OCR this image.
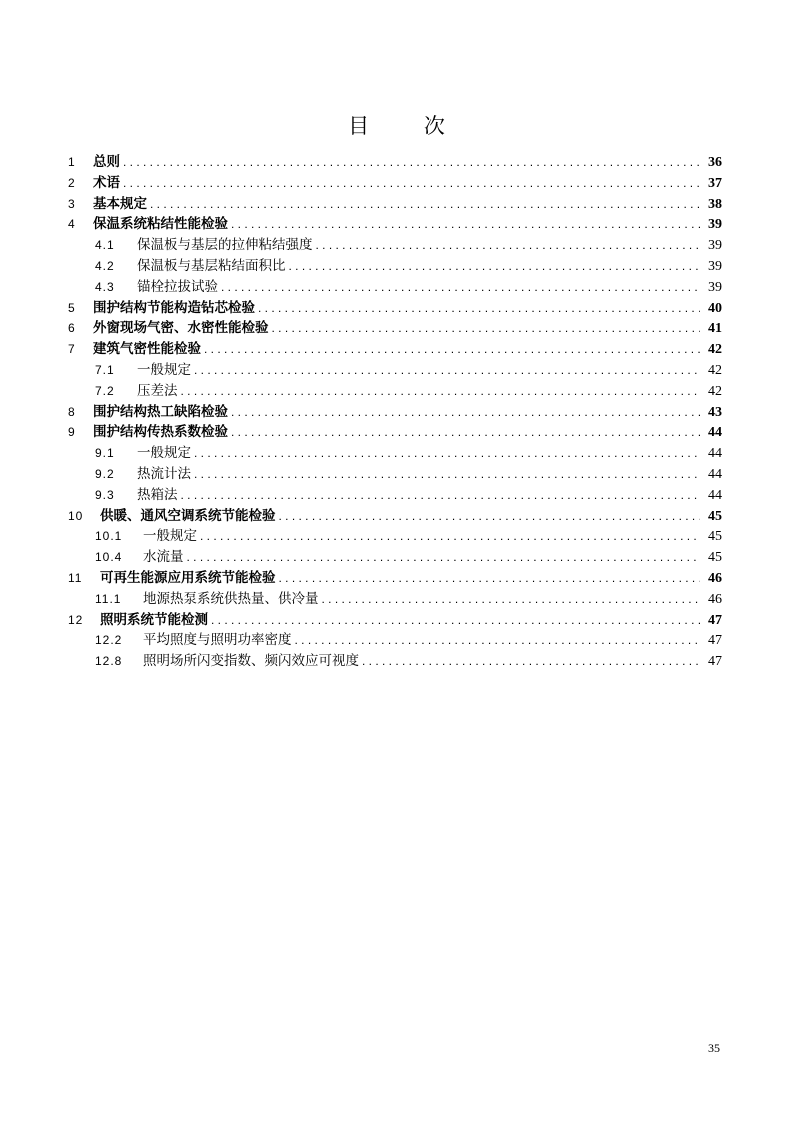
目 次
1	总则 . . .	36
2	术语 . . .	37
3	基本规定 . . .	38
4	保温系统粘结性能检验 . . .	39
4.1	保温板与基层的拉伸粘结强度 . . .	39
4.2	保温板与基层粘结面积比 . . .	39
4.3	锚栓拉拔试验 . . .	39
5	围护结构节能构造钻芯检验 . . .	40
6	外窗现场气密、水密性能检验 . . .	41
7	建筑气密性能检验 . . .	42
7.1	一般规定 . . .	42
7.2	压差法 . . .	42
8	围护结构热工缺陷检验 . . .	43
9	围护结构传热系数检验 . . .	44
9.1	一般规定 . . .	44
9.2	热流计法 . . .	44
9.3	热箱法 . . .	44
10	供暖、通风空调系统节能检验 . . .	45
10.1	一般规定 . . .	45
10.4	水流量 . . .	45
11	可再生能源应用系统节能检验 . . .	46
11.1	地源热泵系统供热量、供冷量 . . .	46
12	照明系统节能检测 . . .	47
12.2	平均照度与照明功率密度 . . .	47
12.8	照明场所闪变指数、频闪效应可视度 . . .	47
35
